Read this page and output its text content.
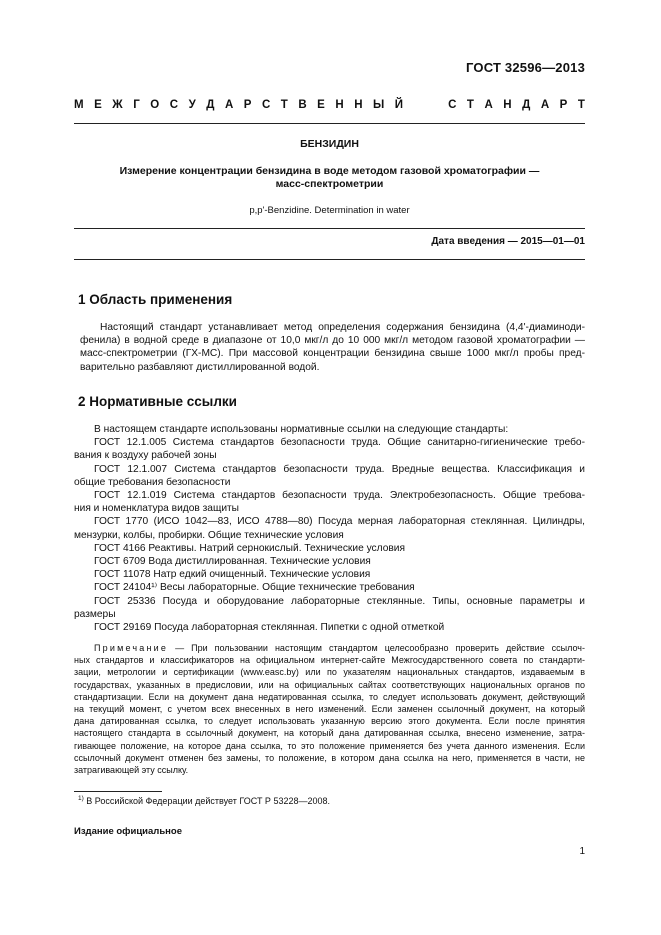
ГОСТ 32596—2013
М Е Ж Г О С У Д А Р С Т В Е Н Н Ы Й	С Т А Н Д А Р Т
БЕНЗИДИН
Измерение концентрации бензидина в воде методом газовой хроматографии —
масс-спектрометрии
p,p'-Benzidine. Determination in water
Дата введения — 2015—01—01
1 Область применения
Настоящий стандарт устанавливает метод определения содержания бензидина (4,4'-диаминоди-
фенила) в водной среде в диапазоне от 10,0 мкг/л до 10 000 мкг/л методом газовой хроматографии —
масс-спектрометрии (ГХ-МС). При массовой концентрации бензидина свыше 1000 мкг/л пробы пред-
варительно разбавляют дистиллированной водой.
2 Нормативные ссылки
В настоящем стандарте использованы нормативные ссылки на следующие стандарты:
ГОСТ 12.1.005 Система стандартов безопасности труда. Общие санитарно-гигиенические требо-
вания к воздуху рабочей зоны
ГОСТ 12.1.007 Система стандартов безопасности труда. Вредные вещества. Классификация и
общие требования безопасности
ГОСТ 12.1.019 Система стандартов безопасности труда. Электробезопасность. Общие требова-
ния и номенклатура видов защиты
ГОСТ 1770 (ИСО 1042—83, ИСО 4788—80) Посуда мерная лабораторная стеклянная. Цилиндры,
мензурки, колбы, пробирки. Общие технические условия
ГОСТ 4166 Реактивы. Натрий сернокислый. Технические условия
ГОСТ 6709 Вода дистиллированная. Технические условия
ГОСТ 11078 Натр едкий очищенный. Технические условия
ГОСТ 24104¹⁾ Весы лабораторные. Общие технические требования
ГОСТ 25336 Посуда и оборудование лабораторные стеклянные. Типы, основные параметры и
размеры
ГОСТ 29169 Посуда лабораторная стеклянная. Пипетки с одной отметкой
Примечание — При пользовании настоящим стандартом целесообразно проверить действие ссылоч-
ных стандартов и классификаторов на официальном интернет-сайте Межгосударственного совета по стандарти-
зации, метрологии и сертификации (www.easc.by) или по указателям национальных стандартов, издаваемым в
государствах, указанных в предисловии, или на официальных сайтах соответствующих национальных органов по
стандартизации. Если на документ дана недатированная ссылка, то следует использовать документ, действующий
на текущий момент, с учетом всех внесенных в него изменений. Если заменен ссылочный документ, на который
дана датированная ссылка, то следует использовать указанную версию этого документа. Если после принятия
настоящего стандарта в ссылочный документ, на который дана датированная ссылка, внесено изменение, затра-
гивающее положение, на которое дана ссылка, то это положение применяется без учета данного изменения. Если
ссылочный документ отменен без замены, то положение, в котором дана ссылка на него, применяется в части, не
затрагивающей эту ссылку.
$^{1)}$ В Российской Федерации действует ГОСТ Р 53228—2008.
Издание официальное
1
